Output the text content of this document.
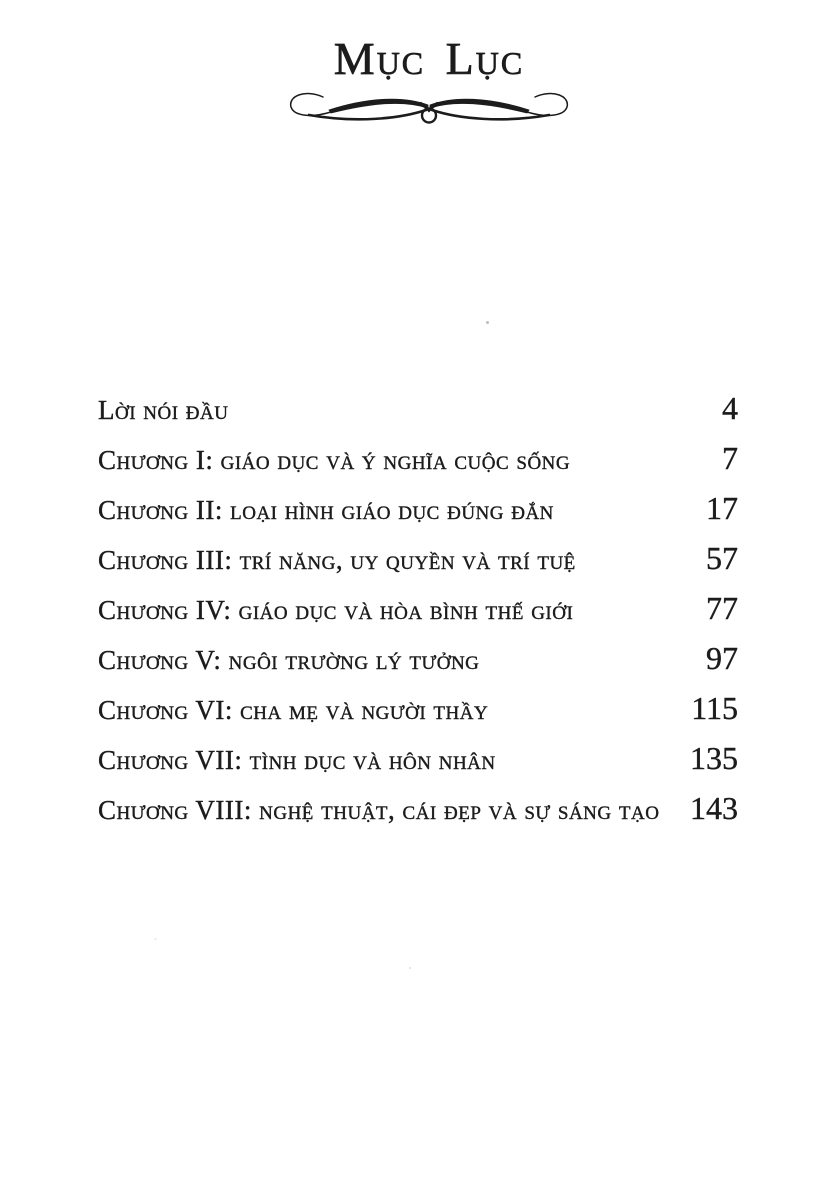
Mục Lục
Lời nói đầu	4
Chương I: giáo dục và ý nghĩa cuộc sống	7
Chương II: loại hình giáo dục đúng đắn	17
Chương III: trí năng, uy quyền và trí tuệ	57
Chương IV: giáo dục và hòa bình thế giới	77
Chương V: ngôi trường lý tưởng	97
Chương VI: cha mẹ và người thầy	115
Chương VII: tình dục và hôn nhân	135
Chương VIII: nghệ thuật, cái đẹp và sự sáng tạo 143
